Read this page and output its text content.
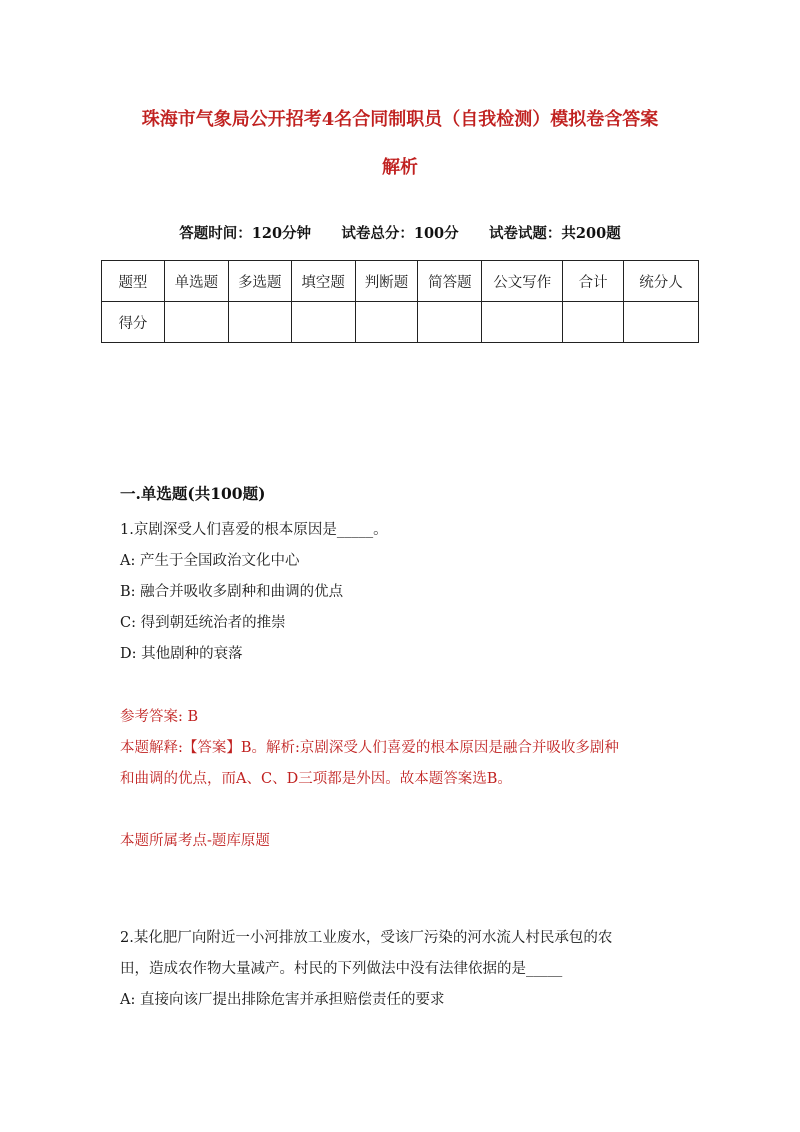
珠海市气象局公开招考4名合同制职员（自我检测）模拟卷含答案
解析
答题时间：120分钟 试卷总分：100分 试卷试题：共200题
题型	单选题	多选题	填空题	判断题	简答题	公文写作	合计	统分人
得分								
一.单选题(共100题)
1.京剧深受人们喜爱的根本原因是_____。
A: 产生于全国政治文化中心
B: 融合并吸收多剧种和曲调的优点
C: 得到朝廷统治者的推崇
D: 其他剧种的衰落
参考答案: B
本题解释:【答案】B。解析:京剧深受人们喜爱的根本原因是融合并吸收多剧种
和曲调的优点，而A、C、D三项都是外因。故本题答案选B。
本题所属考点-题库原题
2.某化肥厂向附近一小河排放工业废水，受该厂污染的河水流人村民承包的农
田，造成农作物大量减产。村民的下列做法中没有法律依据的是_____
A: 直接向该厂提出排除危害并承担赔偿责任的要求
